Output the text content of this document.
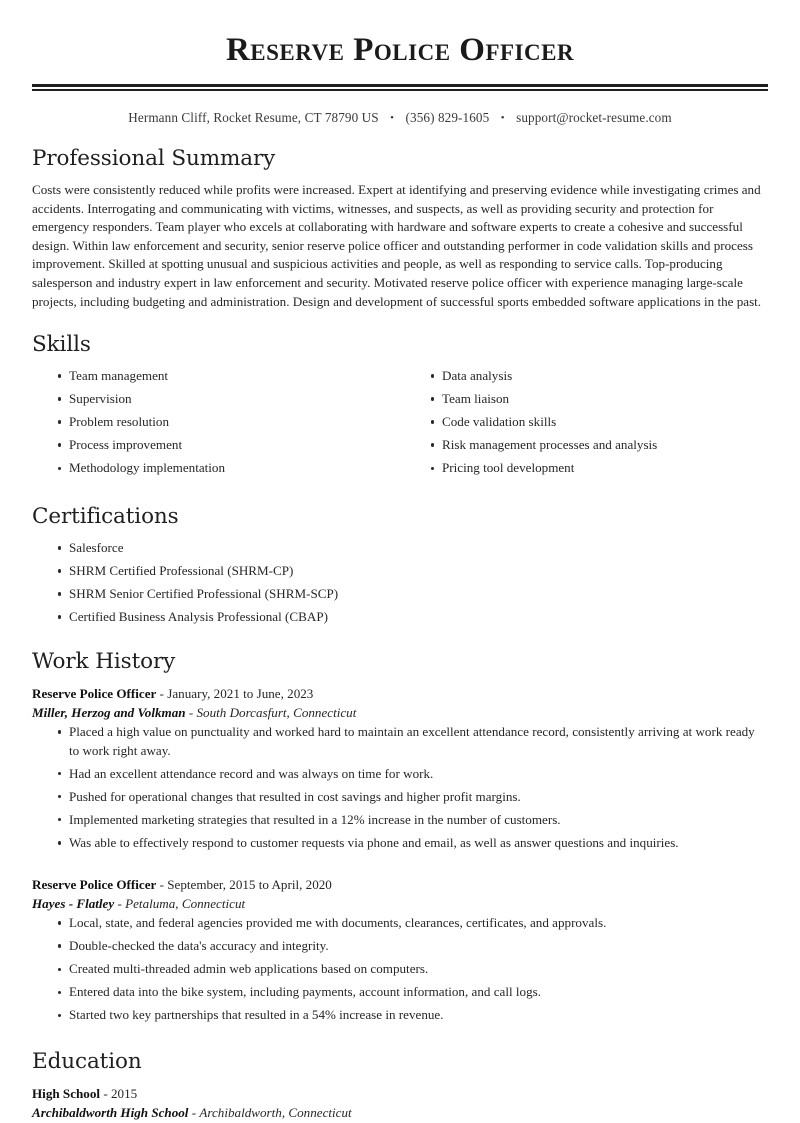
Reserve Police Officer
Hermann Cliff, Rocket Resume, CT 78790 US • (356) 829-1605 • support@rocket-resume.com
Professional Summary

Costs were consistently reduced while profits were increased. Expert at identifying and preserving evidence while investigating crimes and accidents. Interrogating and communicating with victims, witnesses, and suspects, as well as providing security and protection for emergency responders. Team player who excels at collaborating with hardware and software experts to create a cohesive and successful design. Within law enforcement and security, senior reserve police officer and outstanding performer in code validation skills and process improvement. Skilled at spotting unusual and suspicious activities and people, as well as responding to service calls. Top-producing salesperson and industry expert in law enforcement and security. Motivated reserve police officer with experience managing large-scale projects, including budgeting and administration. Design and development of successful sports embedded software applications in the past.

Skills
Team management
Supervision
Problem resolution
Process improvement
Methodology implementation
Data analysis
Team liaison
Code validation skills
Risk management processes and analysis
Pricing tool development
Certifications
Salesforce
SHRM Certified Professional (SHRM-CP)
SHRM Senior Certified Professional (SHRM-SCP)
Certified Business Analysis Professional (CBAP)
Work History
Reserve Police Officer - January, 2021 to June, 2023
Miller, Herzog and Volkman - South Dorcasfurt, Connecticut
Placed a high value on punctuality and worked hard to maintain an excellent attendance record, consistently arriving at work ready to work right away.
Had an excellent attendance record and was always on time for work.
Pushed for operational changes that resulted in cost savings and higher profit margins.
Implemented marketing strategies that resulted in a 12% increase in the number of customers.
Was able to effectively respond to customer requests via phone and email, as well as answer questions and inquiries.
Reserve Police Officer - September, 2015 to April, 2020
Hayes - Flatley - Petaluma, Connecticut
Local, state, and federal agencies provided me with documents, clearances, certificates, and approvals.
Double-checked the data's accuracy and integrity.
Created multi-threaded admin web applications based on computers.
Entered data into the bike system, including payments, account information, and call logs.
Started two key partnerships that resulted in a 54% increase in revenue.
Education
High School - 2015
Archibaldworth High School - Archibaldworth, Connecticut
